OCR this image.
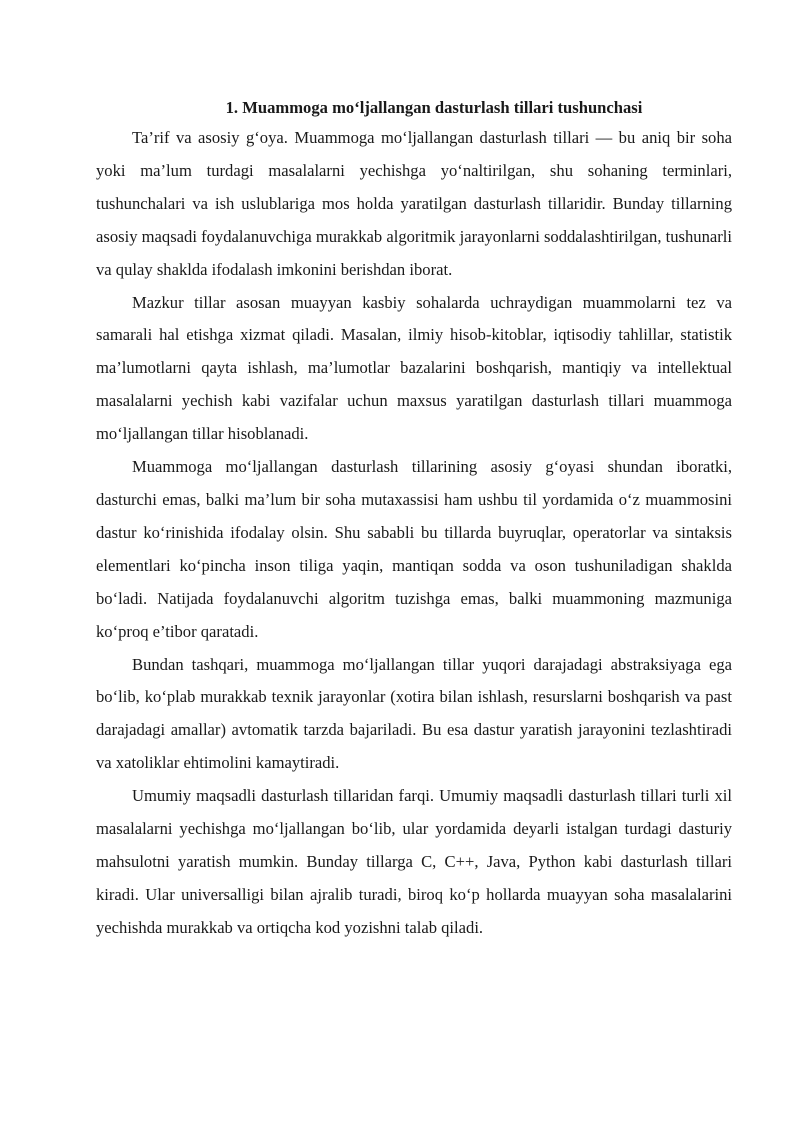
1. Muammoga mo‘ljallangan dasturlash tillari tushunchasi

Ta’rif va asosiy g‘oya. Muammoga mo‘ljallangan dasturlash tillari — bu aniq bir soha yoki ma’lum turdagi masalalarni yechishga yo‘naltirilgan, shu sohaning terminlari, tushunchalari va ish uslublariga mos holda yaratilgan dasturlash tillaridir. Bunday tillarning asosiy maqsadi foydalanuvchiga murakkab algoritmik jarayonlarni soddalashtirilgan, tushunarli va qulay shaklda ifodalash imkonini berishdan iborat.

Mazkur tillar asosan muayyan kasbiy sohalarda uchraydigan muammolarni tez va samarali hal etishga xizmat qiladi. Masalan, ilmiy hisob-kitoblar, iqtisodiy tahlillar, statistik ma’lumotlarni qayta ishlash, ma’lumotlar bazalarini boshqarish, mantiqiy va intellektual masalalarni yechish kabi vazifalar uchun maxsus yaratilgan dasturlash tillari muammoga mo‘ljallangan tillar hisoblanadi.

Muammoga mo‘ljallangan dasturlash tillarining asosiy g‘oyasi shundan iboratki, dasturchi emas, balki ma’lum bir soha mutaxassisi ham ushbu til yordamida o‘z muammosini dastur ko‘rinishida ifodalay olsin. Shu sababli bu tillarda buyruqlar, operatorlar va sintaksis elementlari ko‘pincha inson tiliga yaqin, mantiqan sodda va oson tushuniladigan shaklda bo‘ladi. Natijada foydalanuvchi algoritm tuzishga emas, balki muammoning mazmuniga ko‘proq e’tibor qaratadi.

Bundan tashqari, muammoga mo‘ljallangan tillar yuqori darajadagi abstraksiyaga ega bo‘lib, ko‘plab murakkab texnik jarayonlar (xotira bilan ishlash, resurslarni boshqarish va past darajadagi amallar) avtomatik tarzda bajariladi. Bu esa dastur yaratish jarayonini tezlashtiradi va xatoliklar ehtimolini kamaytiradi.

Umumiy maqsadli dasturlash tillaridan farqi. Umumiy maqsadli dasturlash tillari turli xil masalalarni yechishga mo‘ljallangan bo‘lib, ular yordamida deyarli istalgan turdagi dasturiy mahsulotni yaratish mumkin. Bunday tillarga C, C++, Java, Python kabi dasturlash tillari kiradi. Ular universalligi bilan ajralib turadi, biroq ko‘p hollarda muayyan soha masalalarini yechishda murakkab va ortiqcha kod yozishni talab qiladi.
